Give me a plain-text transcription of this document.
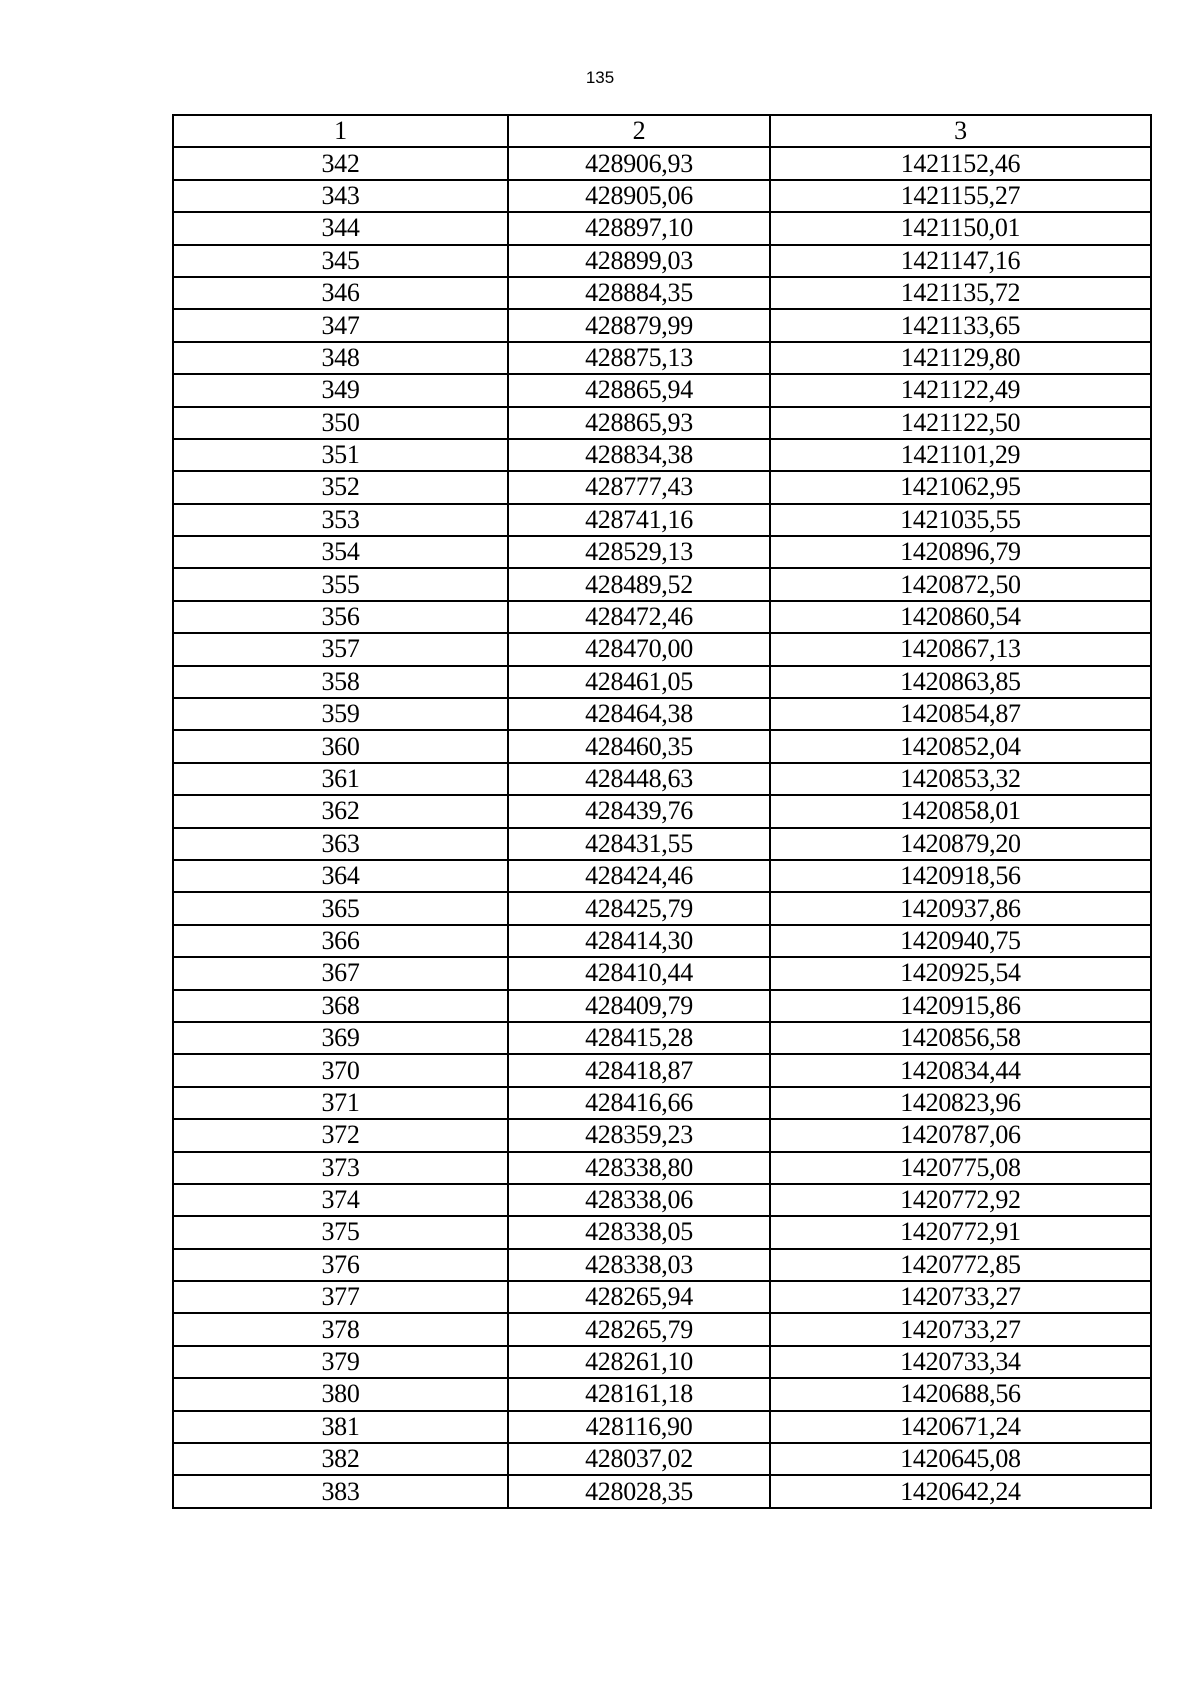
135
1	2	3
342	428906,93	1421152,46
343	428905,06	1421155,27
344	428897,10	1421150,01
345	428899,03	1421147,16
346	428884,35	1421135,72
347	428879,99	1421133,65
348	428875,13	1421129,80
349	428865,94	1421122,49
350	428865,93	1421122,50
351	428834,38	1421101,29
352	428777,43	1421062,95
353	428741,16	1421035,55
354	428529,13	1420896,79
355	428489,52	1420872,50
356	428472,46	1420860,54
357	428470,00	1420867,13
358	428461,05	1420863,85
359	428464,38	1420854,87
360	428460,35	1420852,04
361	428448,63	1420853,32
362	428439,76	1420858,01
363	428431,55	1420879,20
364	428424,46	1420918,56
365	428425,79	1420937,86
366	428414,30	1420940,75
367	428410,44	1420925,54
368	428409,79	1420915,86
369	428415,28	1420856,58
370	428418,87	1420834,44
371	428416,66	1420823,96
372	428359,23	1420787,06
373	428338,80	1420775,08
374	428338,06	1420772,92
375	428338,05	1420772,91
376	428338,03	1420772,85
377	428265,94	1420733,27
378	428265,79	1420733,27
379	428261,10	1420733,34
380	428161,18	1420688,56
381	428116,90	1420671,24
382	428037,02	1420645,08
383	428028,35	1420642,24
